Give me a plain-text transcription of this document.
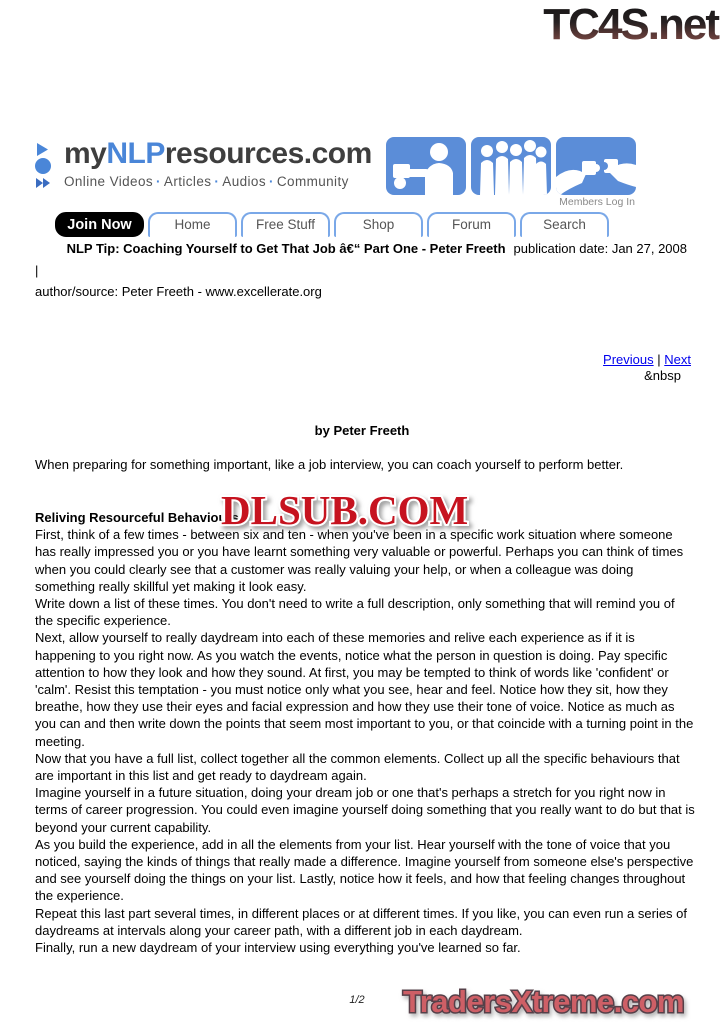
TC4S.net
myNLPresources.com
Online Videos · Articles · Audios · Community
Members Log In
Join Now	Home	Free Stuff	Shop	Forum	Search
NLP Tip: Coaching Yourself to Get That Job â€“ Part One - Peter Freeth publication date: Jan 27, 2008
|
author/source: Peter Freeth - www.excellerate.org
Previous | Next
&nbsp
by Peter Freeth

When preparing for something important, like a job interview, you can coach yourself to perform better.

Reliving Resourceful Behaviours

First, think of a few times - between six and ten - when you've been in a specific work situation where someone has really impressed you or you have learnt something very valuable or powerful. Perhaps you can think of times when you could clearly see that a customer was really valuing your help, or when a colleague was doing something really skillful yet making it look easy.

Write down a list of these times. You don't need to write a full description, only something that will remind you of the specific experience.

Next, allow yourself to really daydream into each of these memories and relive each experience as if it is happening to you right now. As you watch the events, notice what the person in question is doing. Pay specific attention to how they look and how they sound. At first, you may be tempted to think of words like 'confident' or 'calm'. Resist this temptation - you must notice only what you see, hear and feel. Notice how they sit, how they breathe, how they use their eyes and facial expression and how they use their tone of voice. Notice as much as you can and then write down the points that seem most important to you, or that coincide with a turning point in the meeting.

Now that you have a full list, collect together all the common elements. Collect up all the specific behaviours that are important in this list and get ready to daydream again.

Imagine yourself in a future situation, doing your dream job or one that's perhaps a stretch for you right now in terms of career progression. You could even imagine yourself doing something that you really want to do but that is beyond your current capability.

As you build the experience, add in all the elements from your list. Hear yourself with the tone of voice that you noticed, saying the kinds of things that really made a difference. Imagine yourself from someone else's perspective and see yourself doing the things on your list. Lastly, notice how it feels, and how that feeling changes throughout the experience.

Repeat this last part several times, in different places or at different times. If you like, you can even run a series of daydreams at intervals along your career path, with a different job in each daydream.

Finally, run a new daydream of your interview using everything you've learned so far.

DLSUB.COM
1/2	TradersXtreme.com
